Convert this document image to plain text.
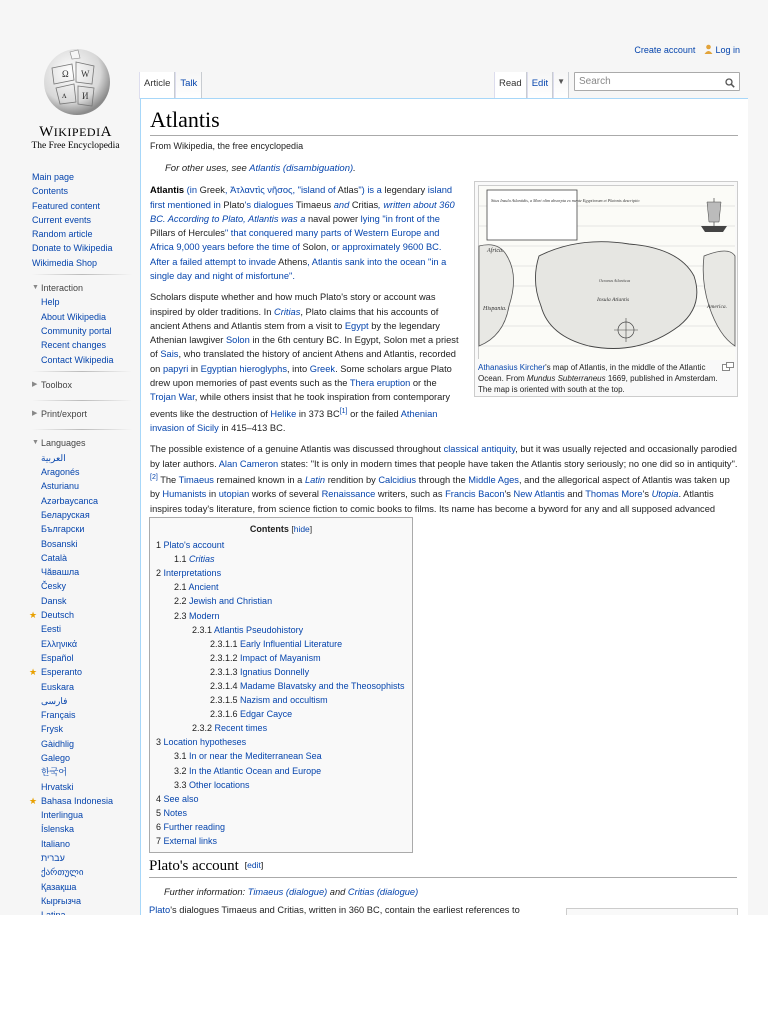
Ω W
ʌ И
WIKIPEDIA
The Free Encyclopedia
Create account Log in
Main page
Contents
Featured content
Current events
Random article
Donate to Wikipedia
Wikimedia Shop
▼ Interaction
Help
About Wikipedia
Community portal
Recent changes
Contact Wikipedia
▶ Toolbox
▶ Print/export
▼ Languages
العربية
Aragonés
Asturianu
Azərbaycanca
Беларуская
Български
Bosanski
Català
Чăвашла
Česky
Dansk
★ Deutsch
Eesti
Ελληνικά
Español
★ Esperanto
Euskara
فارسی
Français
Frysk
Gàidhlig
Galego
한국어
Hrvatski
★ Bahasa Indonesia
Interlingua
Íslenska
Italiano
עברית
ქართული
Қазақша
Кырғызча
Article	Talk	Read	Edit	▼ Search
Atlantis
From Wikipedia, the free encyclopedia
For other uses, see Atlantis (disambiguation).
Atlantis (in Greek, Ἀτλαντὶς νῆσος, "island of Atlas") is a legendary island first mentioned in Plato's dialogues Timaeus and Critias, written about 360 BC. According to Plato, Atlantis was a naval power lying "in front of the Pillars of Hercules" that conquered many parts of Western Europe and Africa 9,000 years before the time of Solon, or approximately 9600 BC. After a failed attempt to invade Athens, Atlantis sank into the ocean "in a single day and night of misfortune".
Scholars dispute whether and how much Plato's story or account was inspired by older traditions. In Critias, Plato claims that his accounts of ancient Athens and Atlantis stem from a visit to Egypt by the legendary Athenian lawgiver Solon in the 6th century BC. In Egypt, Solon met a priest of Sais, who translated the history of ancient Athens and Atlantis, recorded on papyri in Egyptian hieroglyphs, into Greek. Some scholars argue Plato drew upon memories of past events such as the Thera eruption or the Trojan War, while others insist that he took inspiration from contemporary events like the destruction of Helike in 373 BC[1] or the failed Athenian invasion of Sicily in 415–413 BC.
The possible existence of a genuine Atlantis was discussed throughout classical antiquity, but it was usually rejected and occasionally parodied by later authors. Alan Cameron states: "It is only in modern times that people have taken the Atlantis story seriously; no one did so in antiquity".[2] The Timaeus remained known in a Latin rendition by Calcidius through the Middle Ages, and the allegorical aspect of Atlantis was taken up by Humanists in utopian works of several Renaissance writers, such as Francis Bacon's New Atlantis and Thomas More's Utopia. Atlantis inspires today's literature, from science fiction to comic books to films. Its name has become a byword for any and all supposed advanced
Situs Insula Atlantidis, a Mari olim absorpta ex mente Egyptiorum et Platonis descriptio
Africa.
Hispania.
Insula Atlantis
Oceanus Atlanticus
America.
Athanasius Kircher's map of Atlantis, in the middle of the Atlantic Ocean. From Mundus Subterraneus 1669, published in Amsterdam. The map is oriented with south at the top.
Contents [hide]
1 Plato's account
1.1 Critias
2 Interpretations
2.1 Ancient
2.2 Jewish and Christian
2.3 Modern
2.3.1 Atlantis Pseudohistory
2.3.1.1 Early Influential Literature
2.3.1.2 Impact of Mayanism
2.3.1.3 Ignatius Donnelly
2.3.1.4 Madame Blavatsky and the Theosophists
2.3.1.5 Nazism and occultism
2.3.1.6 Edgar Cayce
2.3.2 Recent times
3 Location hypotheses
3.1 In or near the Mediterranean Sea
3.2 In the Atlantic Ocean and Europe
3.3 Other locations
4 See also
5 Notes
6 Further reading
7 External links
Plato's account [edit]
Further information: Timaeus (dialogue) and Critias (dialogue)
Plato's dialogues Timaeus and Critias, written in 360 BC, contain the earliest references to
